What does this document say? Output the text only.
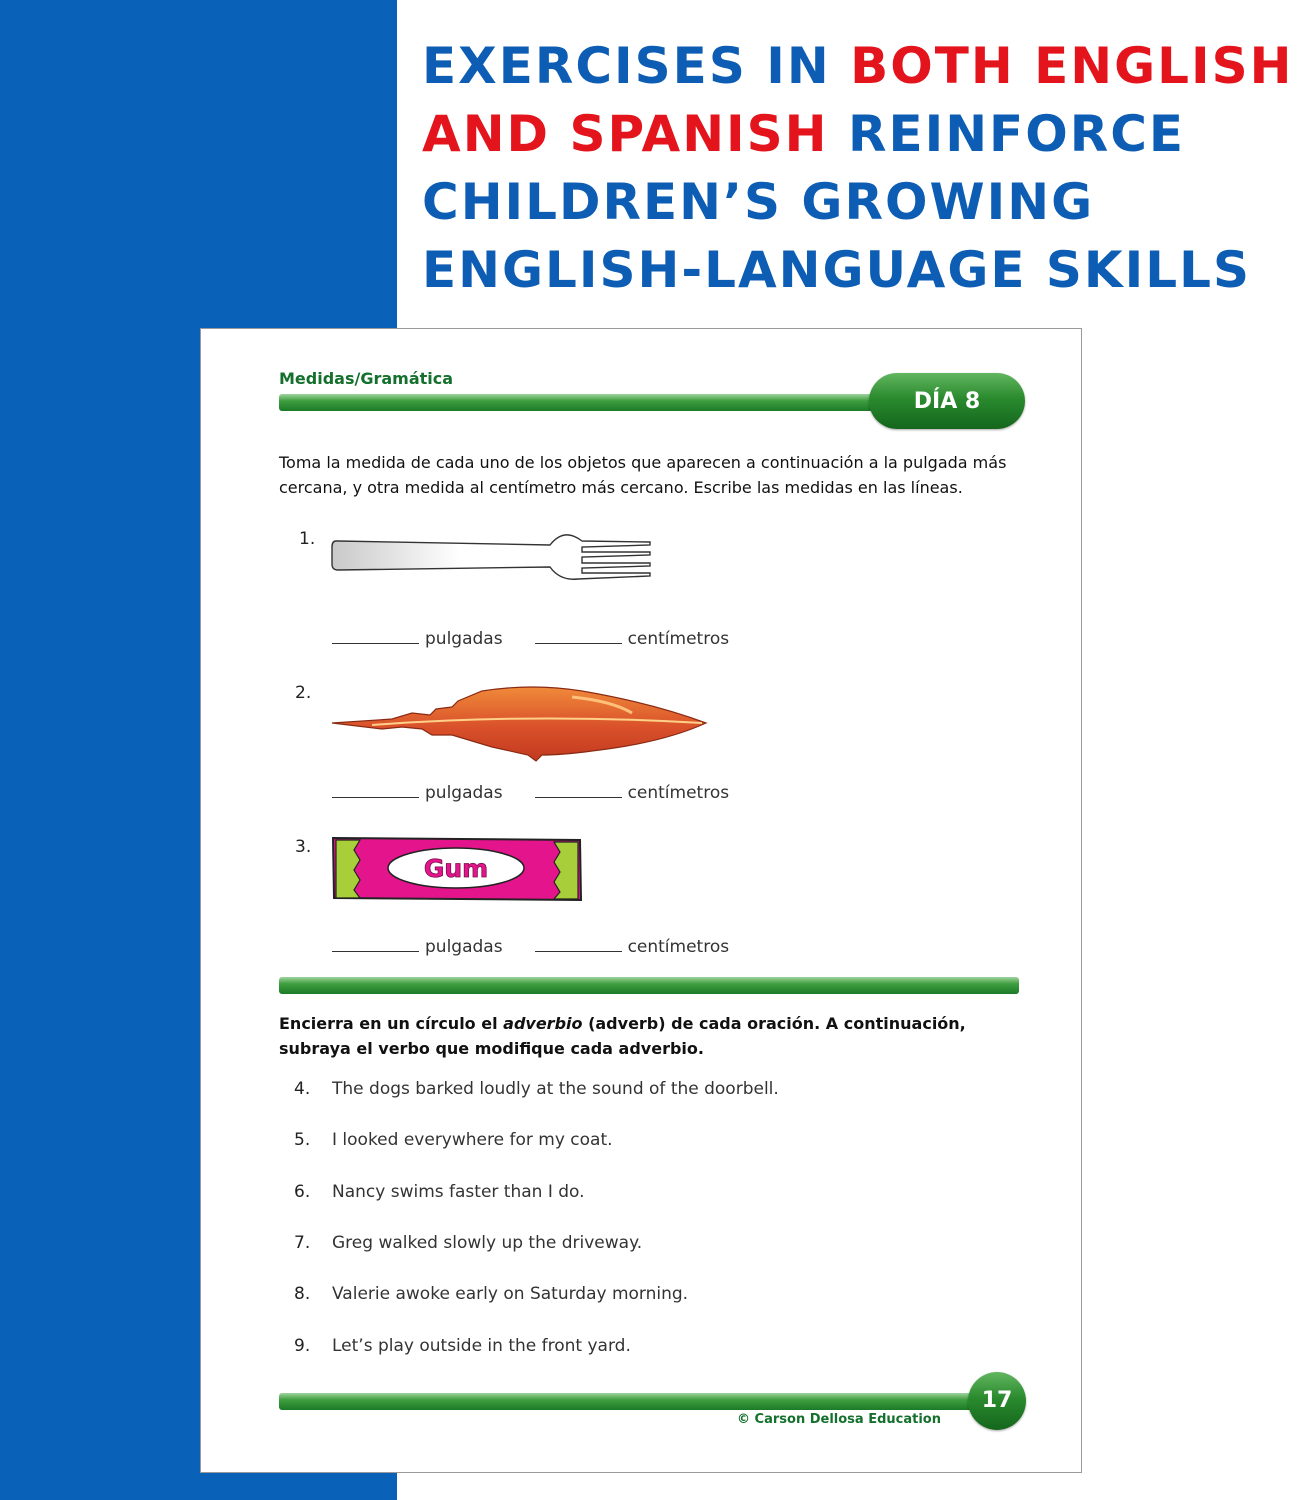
EXERCISES IN BOTH ENGLISH
AND SPANISH REINFORCE
CHILDREN’S GROWING
ENGLISH-LANGUAGE SKILLS
Medidas/Gramática
DÍA 8
Toma la medida de cada uno de los objetos que aparecen a continuación a la pulgada más cercana, y otra medida al centímetro más cercano. Escribe las medidas en las líneas.
1.
pulgadas	centímetros
2.
pulgadas	centímetros
3.
Gum
pulgadas	centímetros
Encierra en un círculo el adverbio (adverb) de cada oración. A continuación, subraya el verbo que modifique cada adverbio.
4. The dogs barked loudly at the sound of the doorbell.
5. I looked everywhere for my coat.
6. Nancy swims faster than I do.
7. Greg walked slowly up the driveway.
8. Valerie awoke early on Saturday morning.
9. Let’s play outside in the front yard.
17
© Carson Dellosa Education
